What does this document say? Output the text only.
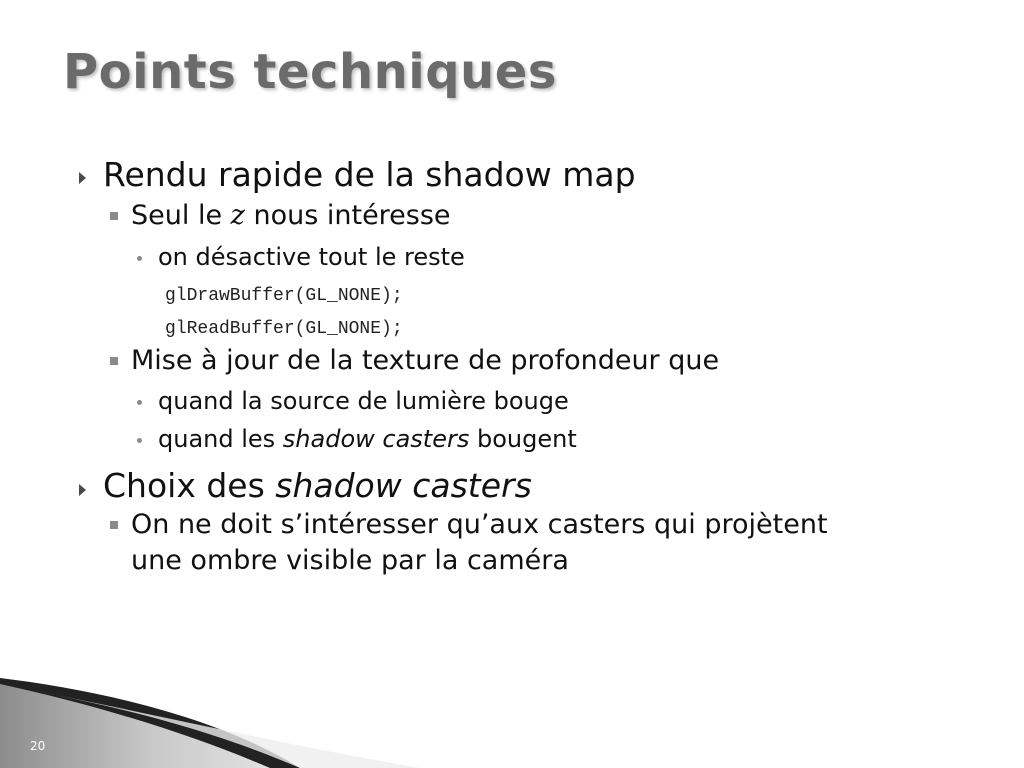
Points techniques
Rendu rapide de la shadow map
Seul le z nous intéresse
on désactive tout le reste
glDrawBuffer(GL_NONE);
glReadBuffer(GL_NONE);
Mise à jour de la texture de profondeur que
quand la source de lumière bouge
quand les shadow casters bougent
Choix des shadow casters
On ne doit s’intéresser qu’aux casters qui projètent
une ombre visible par la caméra
20
